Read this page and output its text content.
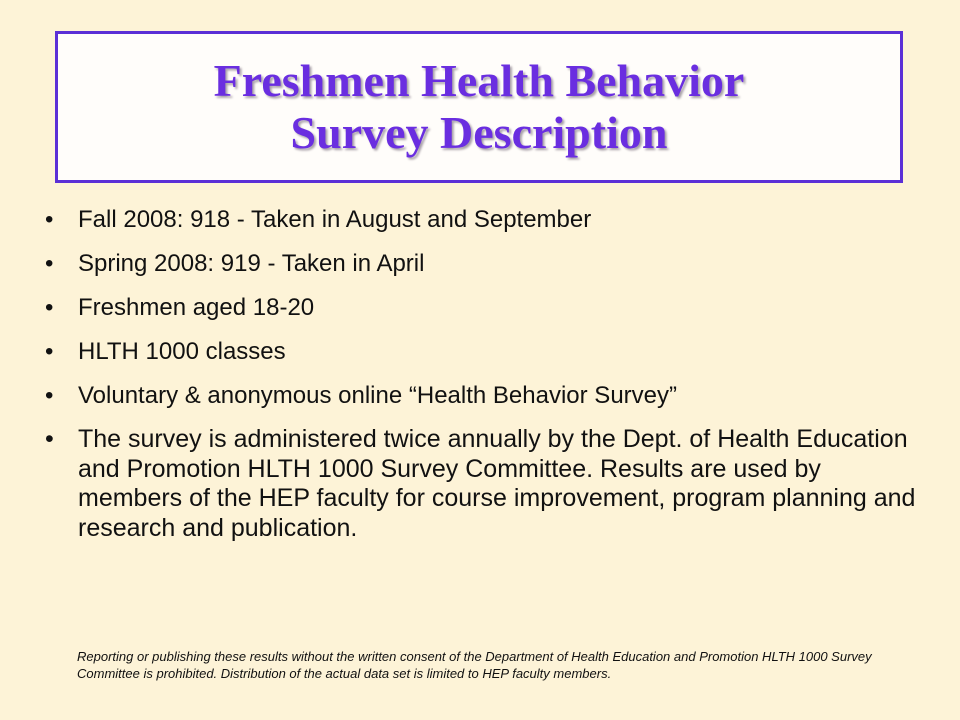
Freshmen Health Behavior
Survey Description
• Fall 2008: 918 - Taken in August and September
• Spring 2008: 919 - Taken in April
• Freshmen aged 18-20
• HLTH 1000 classes
• Voluntary & anonymous online “Health Behavior Survey”
• The survey is administered twice annually by the Dept. of Health Education and Promotion HLTH 1000 Survey Committee. Results are used by members of the HEP faculty for course improvement, program planning and research and publication.
Reporting or publishing these results without the written consent of the Department of Health Education and Promotion HLTH 1000 Survey Committee is prohibited. Distribution of the actual data set is limited to HEP faculty members.
